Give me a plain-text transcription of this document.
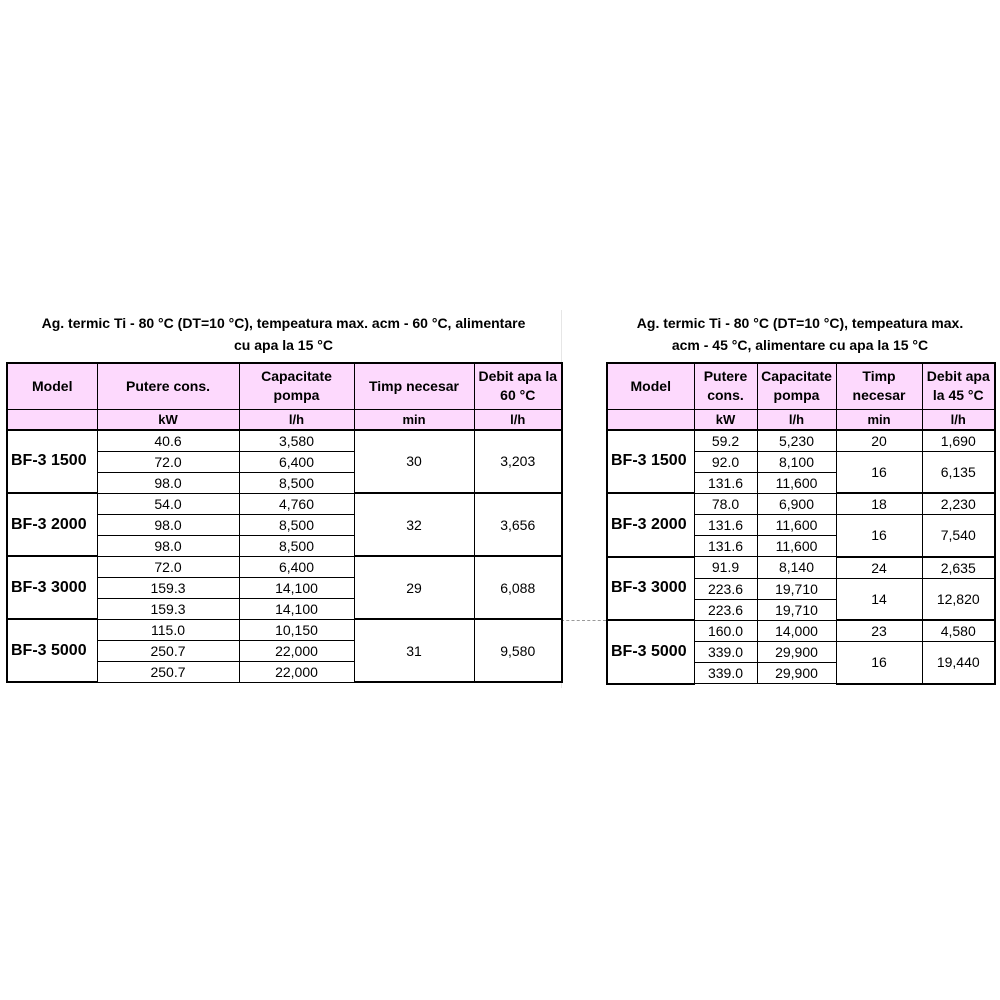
Ag. termic Ti - 80 °C (DT=10 °C), tempeatura max. acm - 60 °C, alimentare
cu apa la 15 °C
Model	Putere cons.	Capacitate pompa	Timp necesar	Debit apa la 60 °C
	kW	l/h	min	l/h
BF-3 1500	40.6	3,580	30	3,203
	72.0	6,400		
	98.0	8,500		
BF-3 2000	54.0	4,760	32	3,656
	98.0	8,500		
	98.0	8,500		
BF-3 3000	72.0	6,400	29	6,088
	159.3	14,100		
	159.3	14,100		
BF-3 5000	115.0	10,150	31	9,580
	250.7	22,000		
	250.7	22,000		
Ag. termic Ti - 80 °C (DT=10 °C), tempeatura max.
acm - 45 °C, alimentare cu apa la 15 °C
Model	Putere cons.	Capacitate pompa	Timp necesar	Debit apa la 45 °C
	kW	l/h	min	l/h
BF-3 1500	59.2	5,230	20	1,690
	92.0	8,100	16	6,135
	131.6	11,600		
BF-3 2000	78.0	6,900	18	2,230
	131.6	11,600	16	7,540
	131.6	11,600		
BF-3 3000	91.9	8,140	24	2,635
	223.6	19,710	14	12,820
	223.6	19,710		
BF-3 5000	160.0	14,000	23	4,580
	339.0	29,900	16	19,440
	339.0	29,900		
